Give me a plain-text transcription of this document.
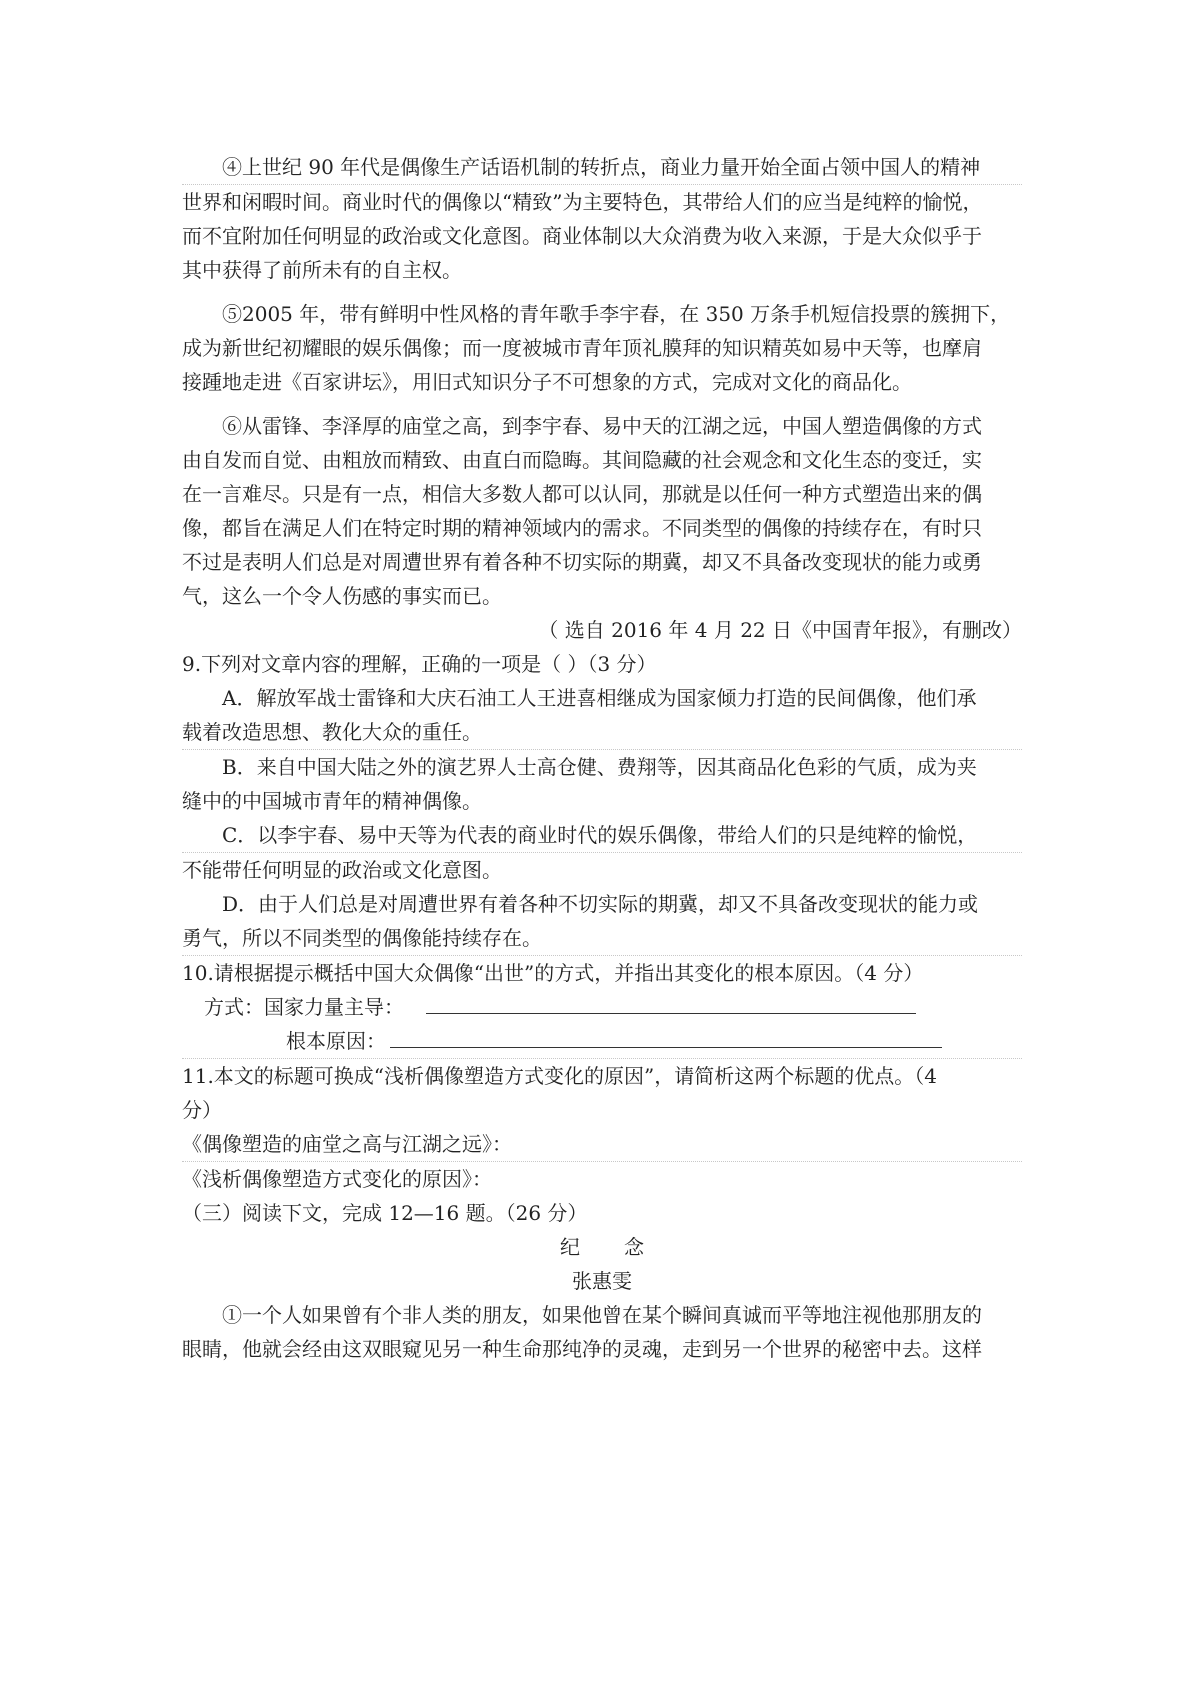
④上世纪 90 年代是偶像生产话语机制的转折点，商业力量开始全面占领中国人的精神
世界和闲暇时间。商业时代的偶像以“精致”为主要特色，其带给人们的应当是纯粹的愉悦，
而不宜附加任何明显的政治或文化意图。商业体制以大众消费为收入来源，于是大众似乎于
其中获得了前所未有的自主权。
⑤2005 年，带有鲜明中性风格的青年歌手李宇春，在 350 万条手机短信投票的簇拥下，
成为新世纪初耀眼的娱乐偶像；而一度被城市青年顶礼膜拜的知识精英如易中天等，也摩肩
接踵地走进《百家讲坛》，用旧式知识分子不可想象的方式，完成对文化的商品化。
⑥从雷锋、李泽厚的庙堂之高，到李宇春、易中天的江湖之远，中国人塑造偶像的方式
由自发而自觉、由粗放而精致、由直白而隐晦。其间隐藏的社会观念和文化生态的变迁，实
在一言难尽。只是有一点，相信大多数人都可以认同，那就是以任何一种方式塑造出来的偶
像，都旨在满足人们在特定时期的精神领域内的需求。不同类型的偶像的持续存在，有时只
不过是表明人们总是对周遭世界有着各种不切实际的期冀，却又不具备改变现状的能力或勇
气，这么一个令人伤感的事实而已。
（ 选自 2016 年 4 月 22 日《中国青年报》，有删改）
9.下列对文章内容的理解，正确的一项是（ ）（3 分）
A．解放军战士雷锋和大庆石油工人王进喜相继成为国家倾力打造的民间偶像，他们承
载着改造思想、教化大众的重任。
B．来自中国大陆之外的演艺界人士高仓健、费翔等，因其商品化色彩的气质，成为夹
缝中的中国城市青年的精神偶像。
C．以李宇春、易中天等为代表的商业时代的娱乐偶像，带给人们的只是纯粹的愉悦，
不能带任何明显的政治或文化意图。
D．由于人们总是对周遭世界有着各种不切实际的期冀，却又不具备改变现状的能力或
勇气，所以不同类型的偶像能持续存在。
10.请根据提示概括中国大众偶像“出世”的方式，并指出其变化的根本原因。（4 分）
方式：国家力量主导：
根本原因：
11.本文的标题可换成“浅析偶像塑造方式变化的原因”，请简析这两个标题的优点。（4
分）
《偶像塑造的庙堂之高与江湖之远》：
《浅析偶像塑造方式变化的原因》：
（三）阅读下文，完成 12—16 题。（26 分）
纪 念
张惠雯
①一个人如果曾有个非人类的朋友，如果他曾在某个瞬间真诚而平等地注视他那朋友的
眼睛，他就会经由这双眼窥见另一种生命那纯净的灵魂，走到另一个世界的秘密中去。这样
